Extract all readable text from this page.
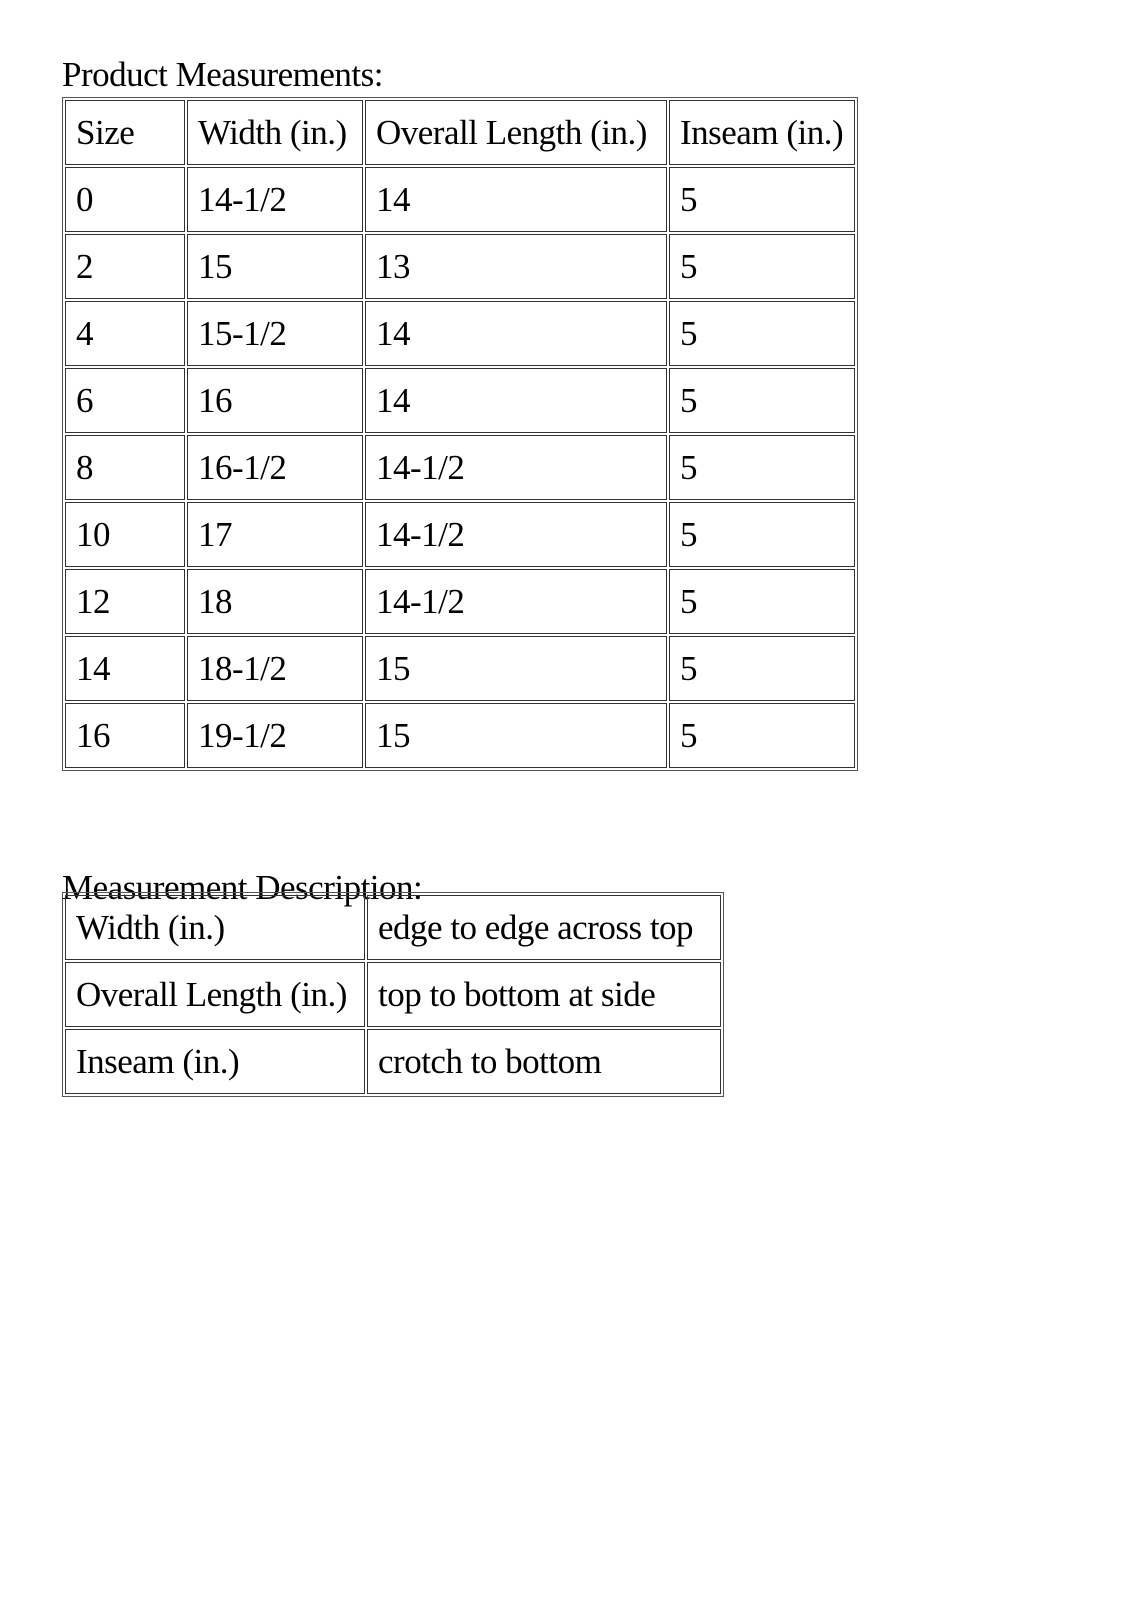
Product Measurements:
Size	Width (in.)	Overall Length (in.)	Inseam (in.)
0	14-1/2	14	5
2	15	13	5
4	15-1/2	14	5
6	16	14	5
8	16-1/2	14-1/2	5
10	17	14-1/2	5
12	18	14-1/2	5
14	18-1/2	15	5
16	19-1/2	15	5
Measurement Description:
Width (in.)	edge to edge across top
Overall Length (in.)	top to bottom at side
Inseam (in.)	crotch to bottom
